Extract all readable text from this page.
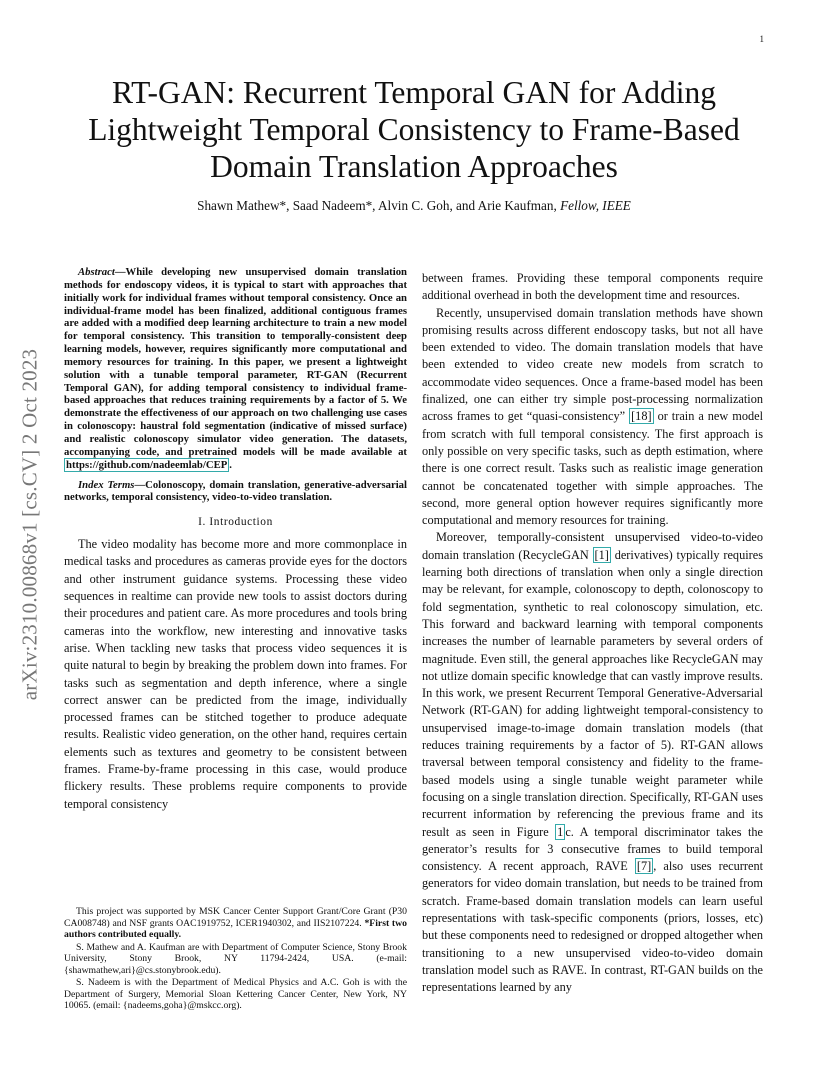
1
arXiv:2310.00868v1 [cs.CV] 2 Oct 2023
RT-GAN: Recurrent Temporal GAN for Adding
Lightweight Temporal Consistency to Frame-Based
Domain Translation Approaches
Shawn Mathew*, Saad Nadeem*, Alvin C. Goh, and Arie Kaufman, Fellow, IEEE

Abstract—While developing new unsupervised domain translation methods for endoscopy videos, it is typical to start with approaches that initially work for individual frames without temporal consistency. Once an individual-frame model has been finalized, additional contiguous frames are added with a modified deep learning architecture to train a new model for temporal consistency. This transition to temporally-consistent deep learning models, however, requires significantly more computational and memory resources for training. In this paper, we present a lightweight solution with a tunable temporal parameter, RT-GAN (Recurrent Temporal GAN), for adding temporal consistency to individual frame-based approaches that reduces training requirements by a factor of 5. We demonstrate the effectiveness of our approach on two challenging use cases in colonoscopy: haustral fold segmentation (indicative of missed surface) and realistic colonoscopy simulator video generation. The datasets, accompanying code, and pretrained models will be made available at https://github.com/nadeemlab/CEP .

Index Terms—Colonoscopy, domain translation, generative-adversarial networks, temporal consistency, video-to-video translation.

I. Introduction

The video modality has become more and more commonplace in medical tasks and procedures as cameras provide eyes for the doctors and other instrument guidance systems. Processing these video sequences in realtime can provide new tools to assist doctors during their procedures and patient care. As more procedures and tools bring cameras into the workflow, new interesting and innovative tasks arise. When tackling new tasks that process video sequences it is quite natural to begin by breaking the problem down into frames. For tasks such as segmentation and depth inference, where a single correct answer can be predicted from the image, individually processed frames can be stitched together to produce adequate results. Realistic video generation, on the other hand, requires certain elements such as textures and geometry to be consistent between frames. Frame-by-frame processing in this case, would produce flickery results. These problems require components to provide temporal consistency

This project was supported by MSK Cancer Center Support Grant/Core Grant (P30 CA008748) and NSF grants OAC1919752, ICER1940302, and IIS2107224. *First two authors contributed equally.

S. Mathew and A. Kaufman are with Department of Computer Science, Stony Brook University, Stony Brook, NY 11794-2424, USA. (e-mail: {shawmathew,ari}@cs.stonybrook.edu).

S. Nadeem is with the Department of Medical Physics and A.C. Goh is with the Department of Surgery, Memorial Sloan Kettering Cancer Center, New York, NY 10065. (email: {nadeems,goha}@mskcc.org).

between frames. Providing these temporal components require additional overhead in both the development time and resources.

Recently, unsupervised domain translation methods have shown promising results across different endoscopy tasks, but not all have been extended to video. The domain translation models that have been extended to video create new models from scratch to accommodate video sequences. Once a frame-based model has been finalized, one can either try simple post-processing normalization across frames to get “quasi-consistency” [18] or train a new model from scratch with full temporal consistency. The first approach is only possible on very specific tasks, such as depth estimation, where there is one correct result. Tasks such as realistic image generation cannot be concatenated together with simple approaches. The second, more general option however requires significantly more computational and memory resources for training.

Moreover, temporally-consistent unsupervised video-to-video domain translation (RecycleGAN [1] derivatives) typically requires learning both directions of translation when only a single direction may be relevant, for example, colonoscopy to depth, colonoscopy to fold segmentation, synthetic to real colonoscopy simulation, etc. This forward and backward learning with temporal components increases the number of learnable parameters by several orders of magnitude. Even still, the general approaches like RecycleGAN may not utlize domain specific knowledge that can vastly improve results. In this work, we present Recurrent Temporal Generative-Adversarial Network (RT-GAN) for adding lightweight temporal-consistency to unsupervised image-to-image domain translation models (that reduces training requirements by a factor of 5). RT-GAN allows traversal between temporal consistency and fidelity to the frame-based models using a single tunable weight parameter while focusing on a single translation direction. Specifically, RT-GAN uses recurrent information by referencing the previous frame and its result as seen in Figure 1 c. A temporal discriminator takes the generator’s results for 3 consecutive frames to build temporal consistency. A recent approach, RAVE [7] , also uses recurrent generators for video domain translation, but needs to be trained from scratch. Frame-based domain translation models can learn useful representations with task-specific components (priors, losses, etc) but these components need to redesigned or dropped altogether when transitioning to a new unsupervised video-to-video domain translation model such as RAVE. In contrast, RT-GAN builds on the representations learned by any
